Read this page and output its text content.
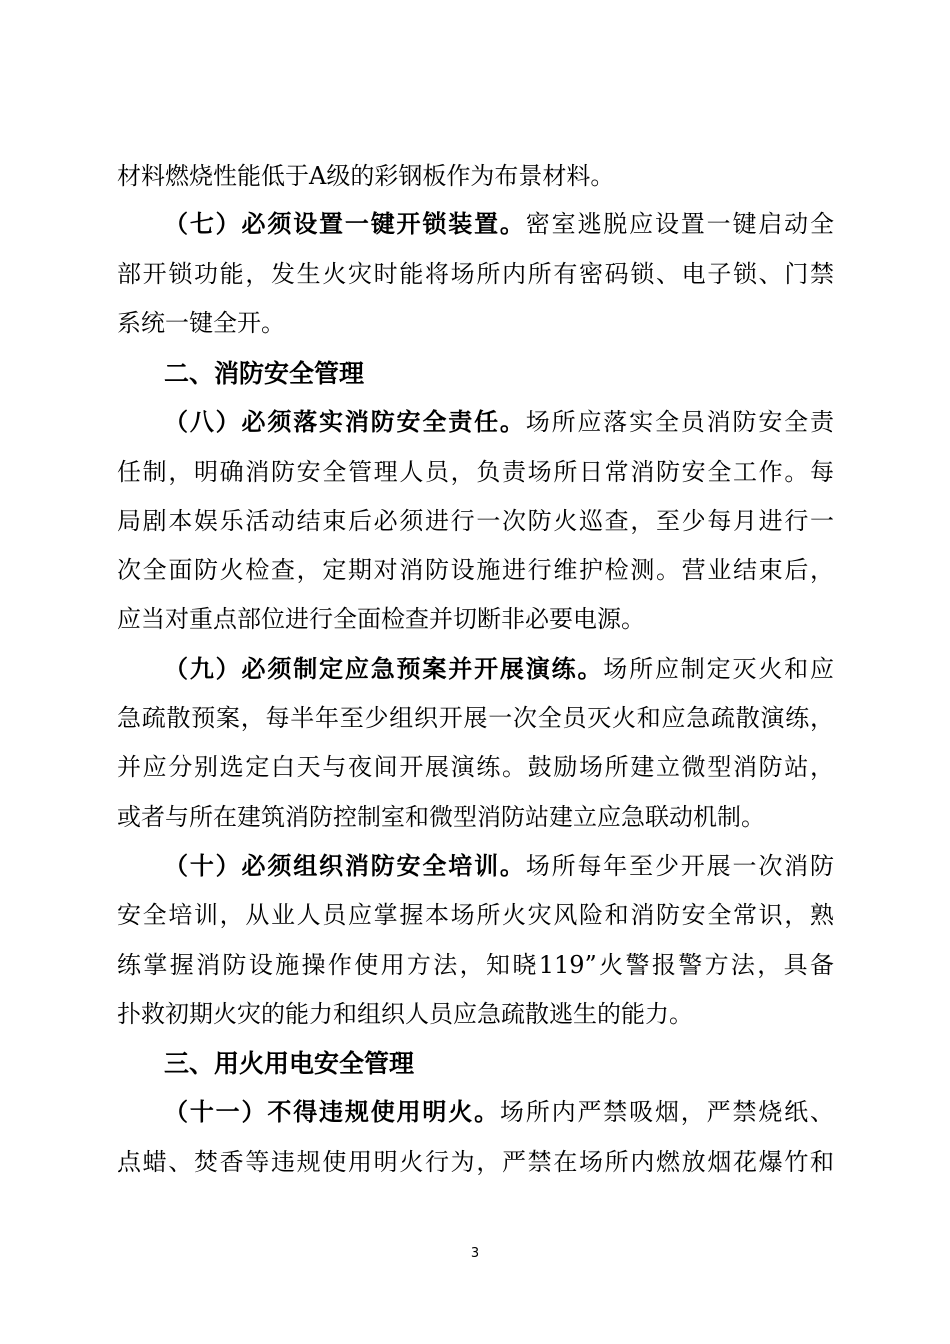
材料燃烧性能低于A级的彩钢板作为布景材料。
（七）必须设置一键开锁装置。密室逃脱应设置一键启动全
部开锁功能，发生火灾时能将场所内所有密码锁、电子锁、门禁
系统一键全开。
二、消防安全管理
（八）必须落实消防安全责任。场所应落实全员消防安全责
任制，明确消防安全管理人员，负责场所日常消防安全工作。每
局剧本娱乐活动结束后必须进行一次防火巡查，至少每月进行一
次全面防火检查，定期对消防设施进行维护检测。营业结束后，
应当对重点部位进行全面检查并切断非必要电源。
（九）必须制定应急预案并开展演练。场所应制定灭火和应
急疏散预案，每半年至少组织开展一次全员灭火和应急疏散演练，
并应分别选定白天与夜间开展演练。鼓励场所建立微型消防站，
或者与所在建筑消防控制室和微型消防站建立应急联动机制。
（十）必须组织消防安全培训。场所每年至少开展一次消防
安全培训，从业人员应掌握本场所火灾风险和消防安全常识，熟
练掌握消防设施操作使用方法，知晓119”火警报警方法，具备
扑救初期火灾的能力和组织人员应急疏散逃生的能力。
三、用火用电安全管理
（十一）不得违规使用明火。场所内严禁吸烟，严禁烧纸、
点蜡、焚香等违规使用明火行为，严禁在场所内燃放烟花爆竹和
3
